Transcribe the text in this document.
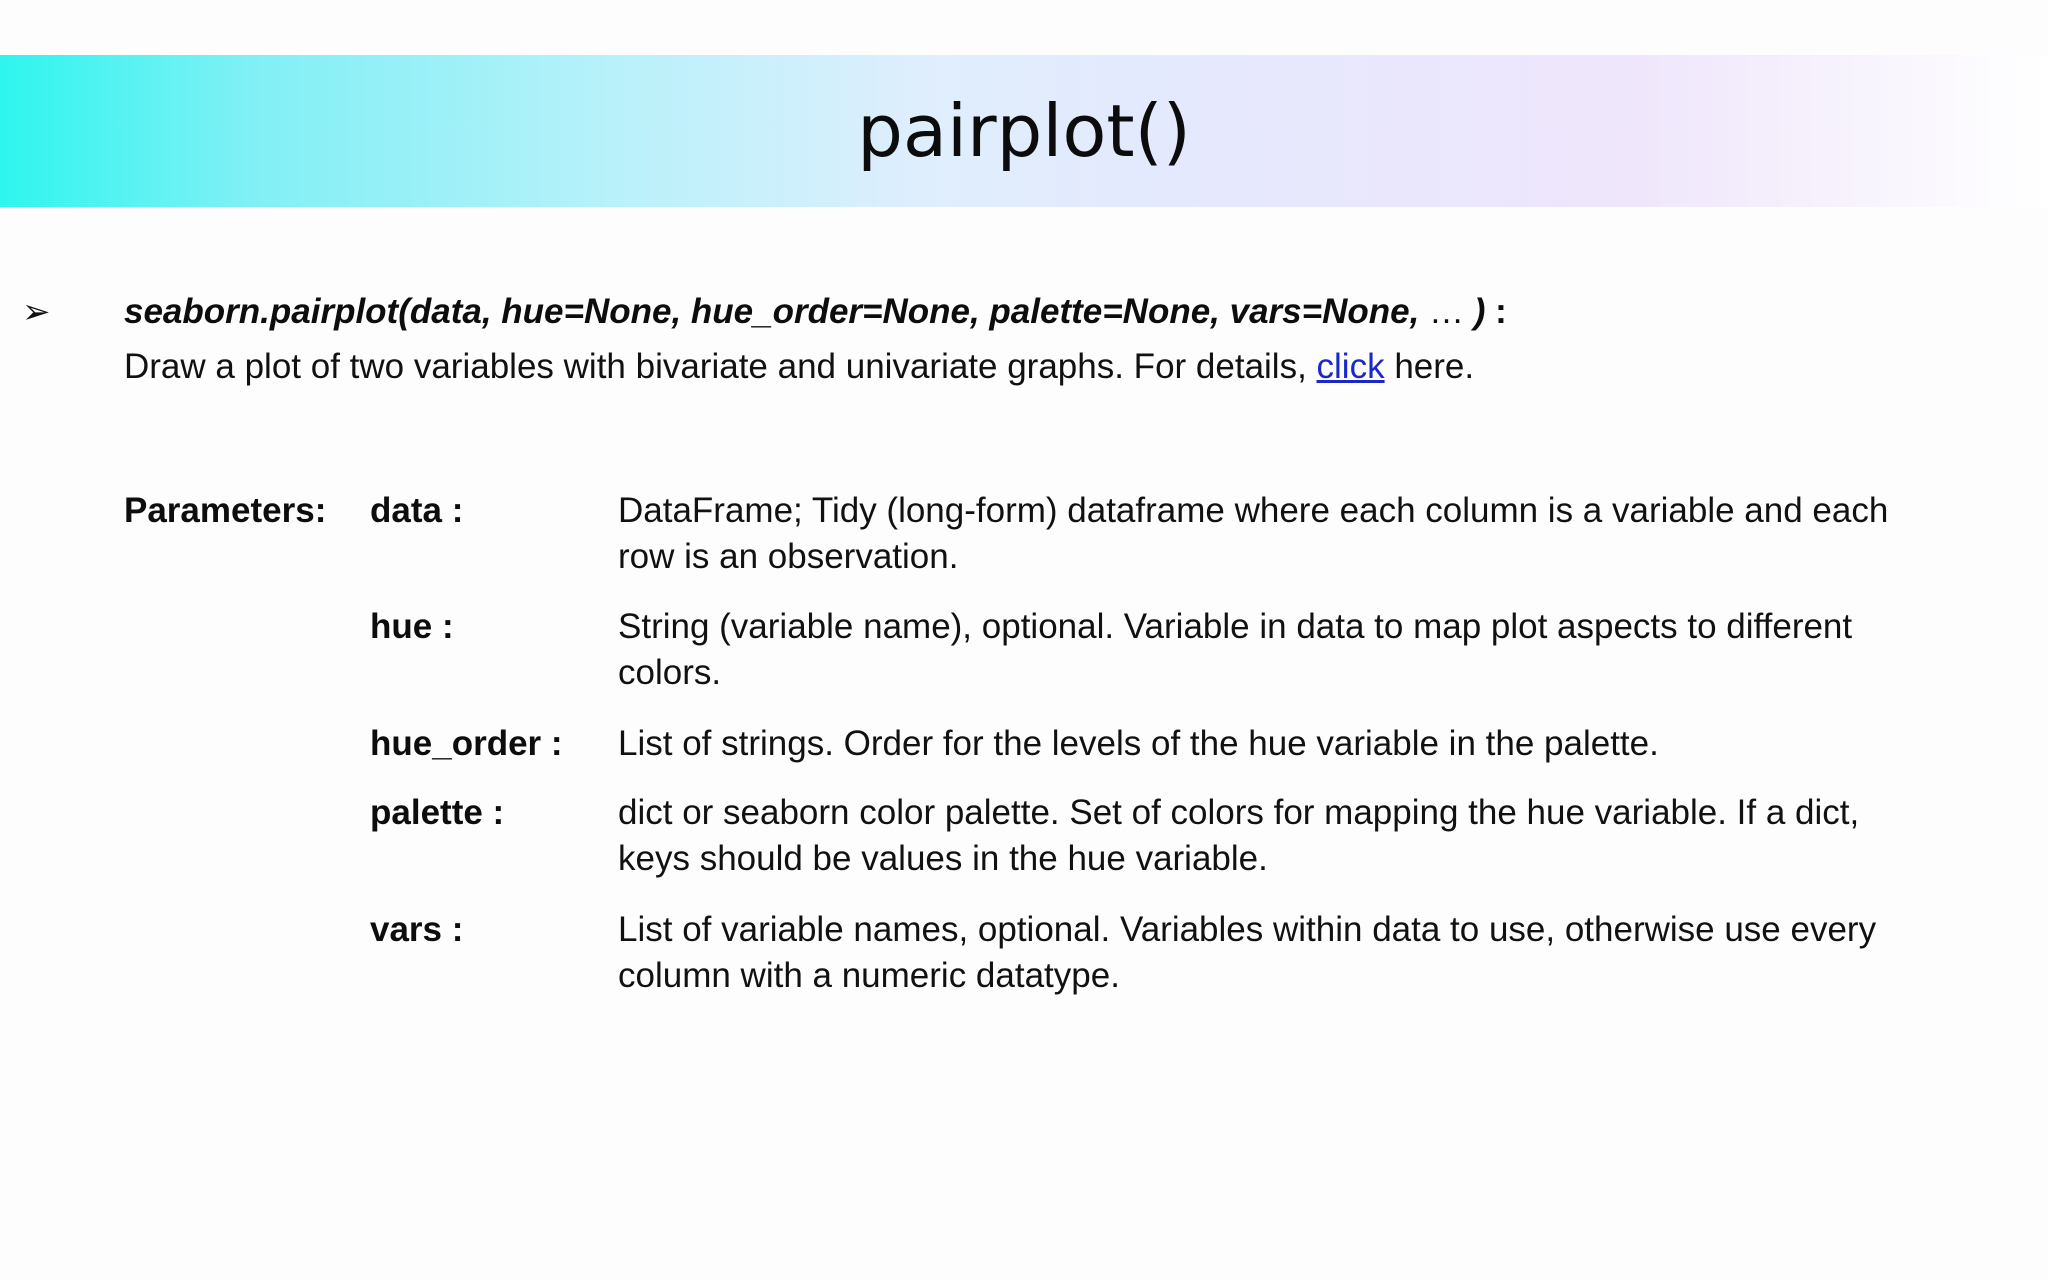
pairplot()
➢ seaborn.pairplot(data, hue=None, hue_order=None, palette=None, vars=None, … ) :
Draw a plot of two variables with bivariate and univariate graphs. For details, click here.
Parameters: data :	DataFrame; Tidy (long-form) dataframe where each column is a variable and each
row is an observation.
hue :	String (variable name), optional. Variable in data to map plot aspects to different
colors.
hue_order : List of strings. Order for the levels of the hue variable in the palette.
palette :	dict or seaborn color palette. Set of colors for mapping the hue variable. If a dict,
keys should be values in the hue variable.
vars :	List of variable names, optional. Variables within data to use, otherwise use every
column with a numeric datatype.
